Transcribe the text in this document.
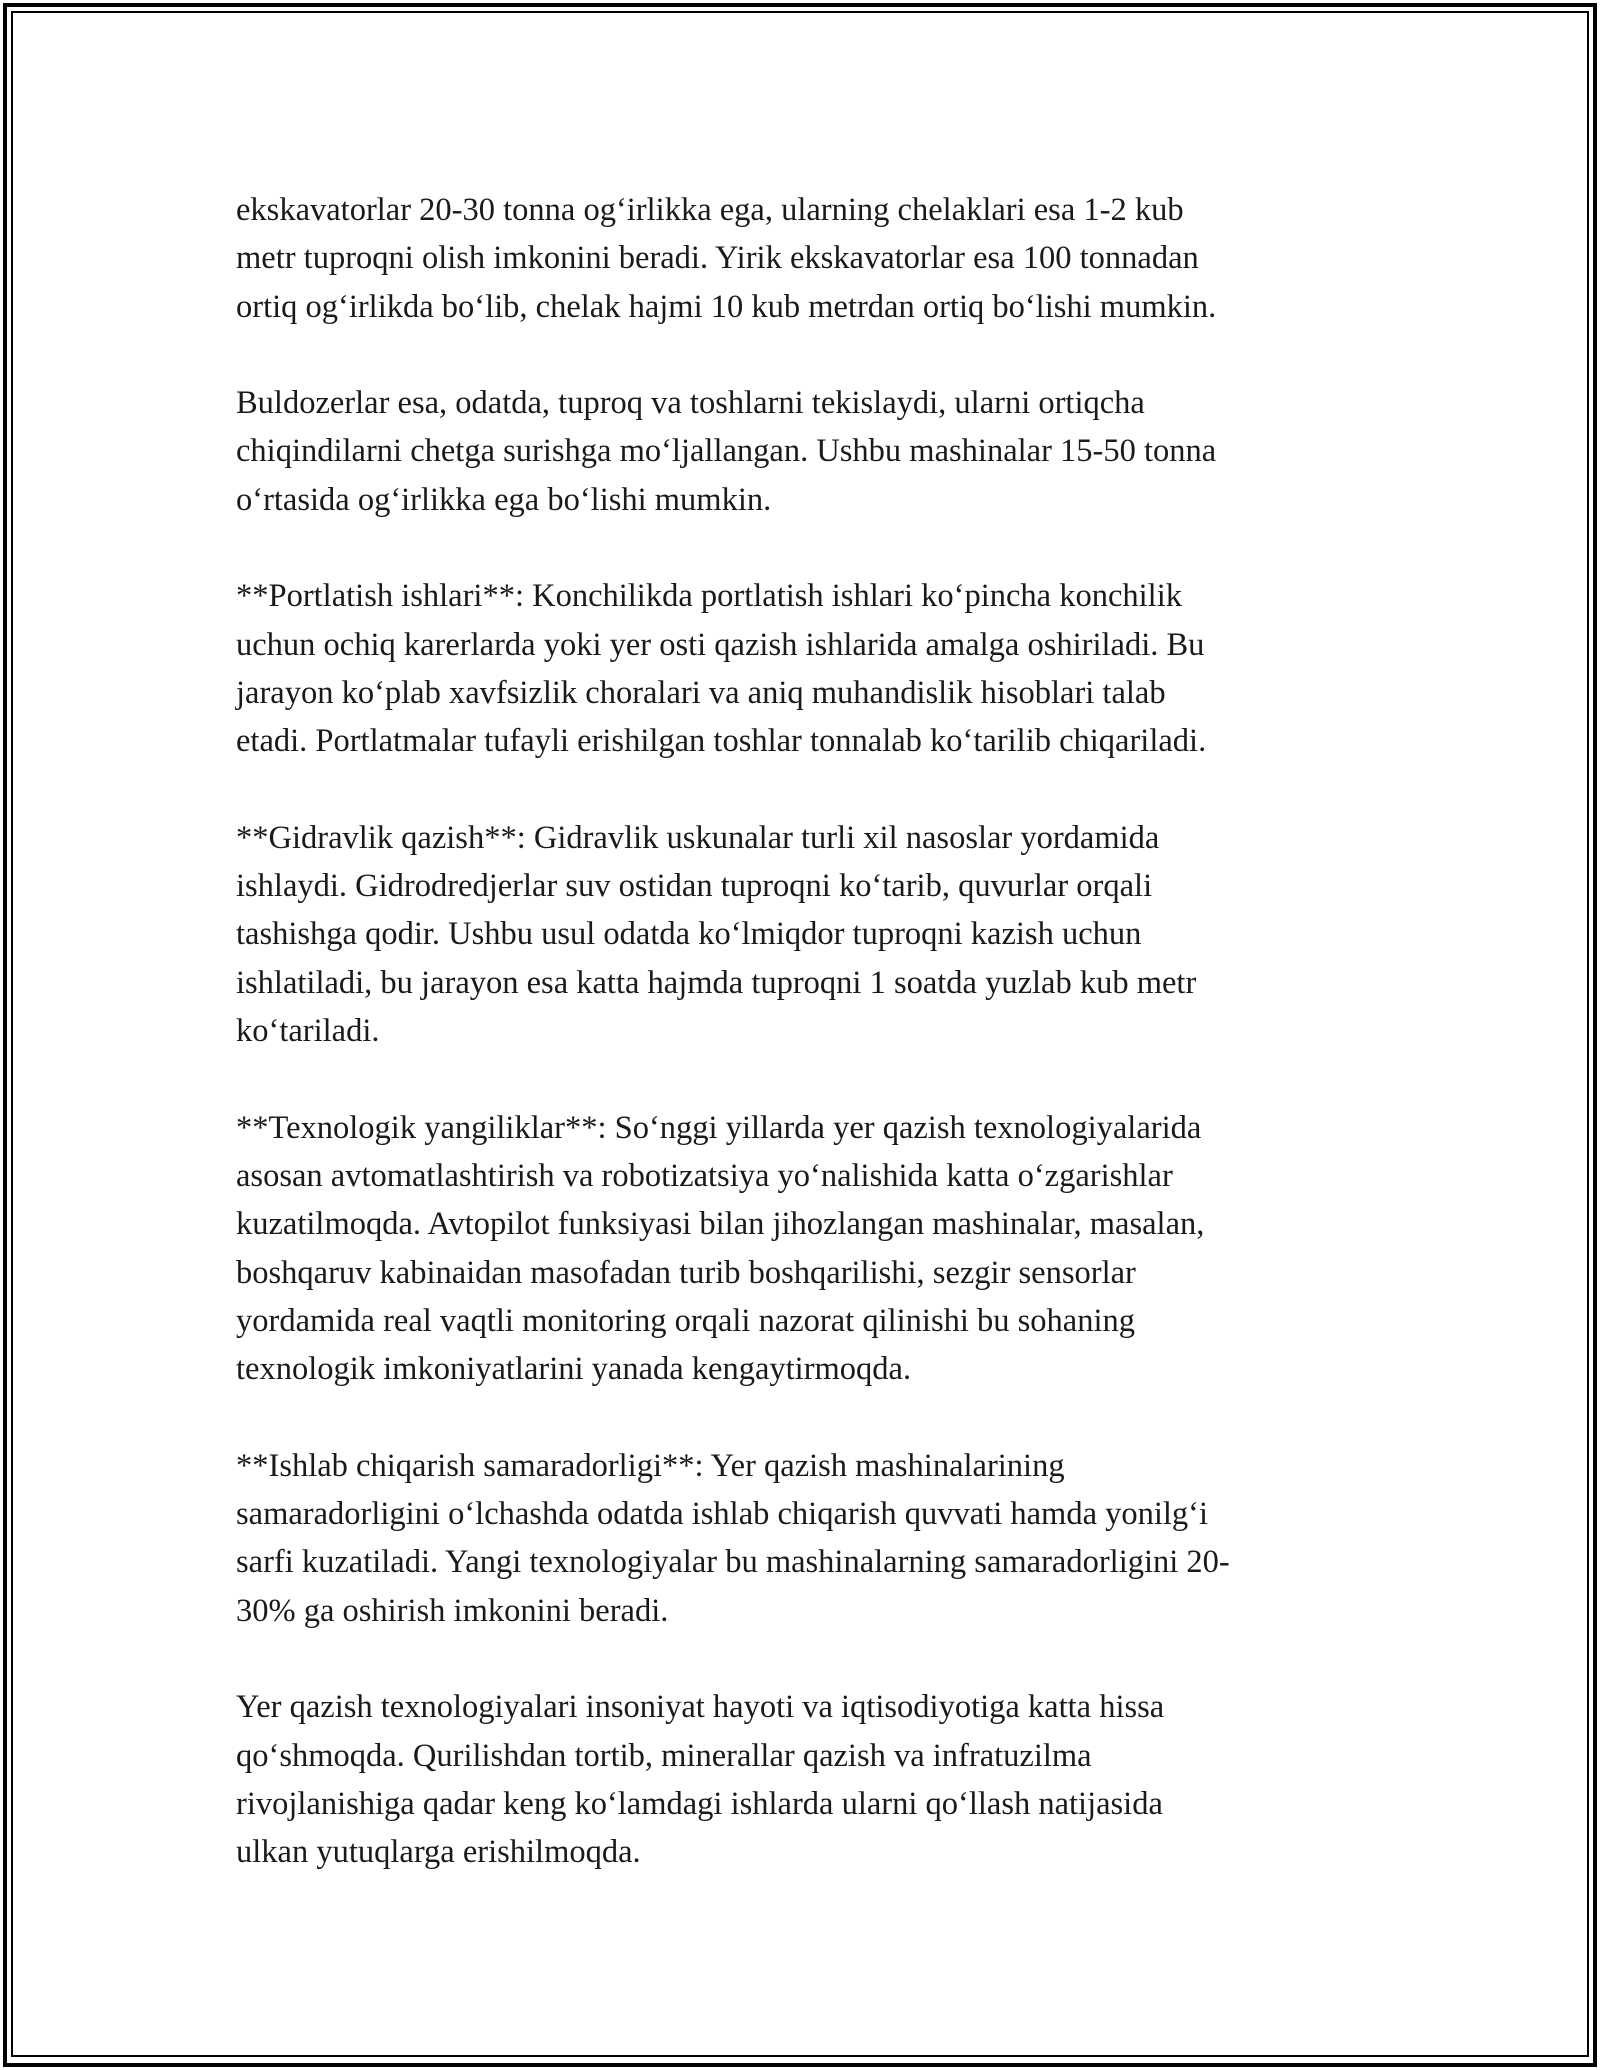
ekskavatorlar 20-30 tonna og‘irlikka ega, ularning chelaklari esa 1-2 kub
metr tuproqni olish imkonini beradi. Yirik ekskavatorlar esa 100 tonnadan
ortiq og‘irlikda bo‘lib, chelak hajmi 10 kub metrdan ortiq bo‘lishi mumkin.

Buldozerlar esa, odatda, tuproq va toshlarni tekislaydi, ularni ortiqcha
chiqindilarni chetga surishga mo‘ljallangan. Ushbu mashinalar 15-50 tonna
o‘rtasida og‘irlikka ega bo‘lishi mumkin.

**Portlatish ishlari**: Konchilikda portlatish ishlari ko‘pincha konchilik
uchun ochiq karerlarda yoki yer osti qazish ishlarida amalga oshiriladi. Bu
jarayon ko‘plab xavfsizlik choralari va aniq muhandislik hisoblari talab
etadi. Portlatmalar tufayli erishilgan toshlar tonnalab ko‘tarilib chiqariladi.

**Gidravlik qazish**: Gidravlik uskunalar turli xil nasoslar yordamida
ishlaydi. Gidrodredjerlar suv ostidan tuproqni ko‘tarib, quvurlar orqali
tashishga qodir. Ushbu usul odatda ko‘lmiqdor tuproqni kazish uchun
ishlatiladi, bu jarayon esa katta hajmda tuproqni 1 soatda yuzlab kub metr
ko‘tariladi.

**Texnologik yangiliklar**: So‘nggi yillarda yer qazish texnologiyalarida
asosan avtomatlashtirish va robotizatsiya yo‘nalishida katta o‘zgarishlar
kuzatilmoqda. Avtopilot funksiyasi bilan jihozlangan mashinalar, masalan,
boshqaruv kabinaidan masofadan turib boshqarilishi, sezgir sensorlar
yordamida real vaqtli monitoring orqali nazorat qilinishi bu sohaning
texnologik imkoniyatlarini yanada kengaytirmoqda.

**Ishlab chiqarish samaradorligi**: Yer qazish mashinalarining
samaradorligini o‘lchashda odatda ishlab chiqarish quvvati hamda yonilg‘i
sarfi kuzatiladi. Yangi texnologiyalar bu mashinalarning samaradorligini 20-
30% ga oshirish imkonini beradi.

Yer qazish texnologiyalari insoniyat hayoti va iqtisodiyotiga katta hissa
qo‘shmoqda. Qurilishdan tortib, minerallar qazish va infratuzilma
rivojlanishiga qadar keng ko‘lamdagi ishlarda ularni qo‘llash natijasida
ulkan yutuqlarga erishilmoqda.
